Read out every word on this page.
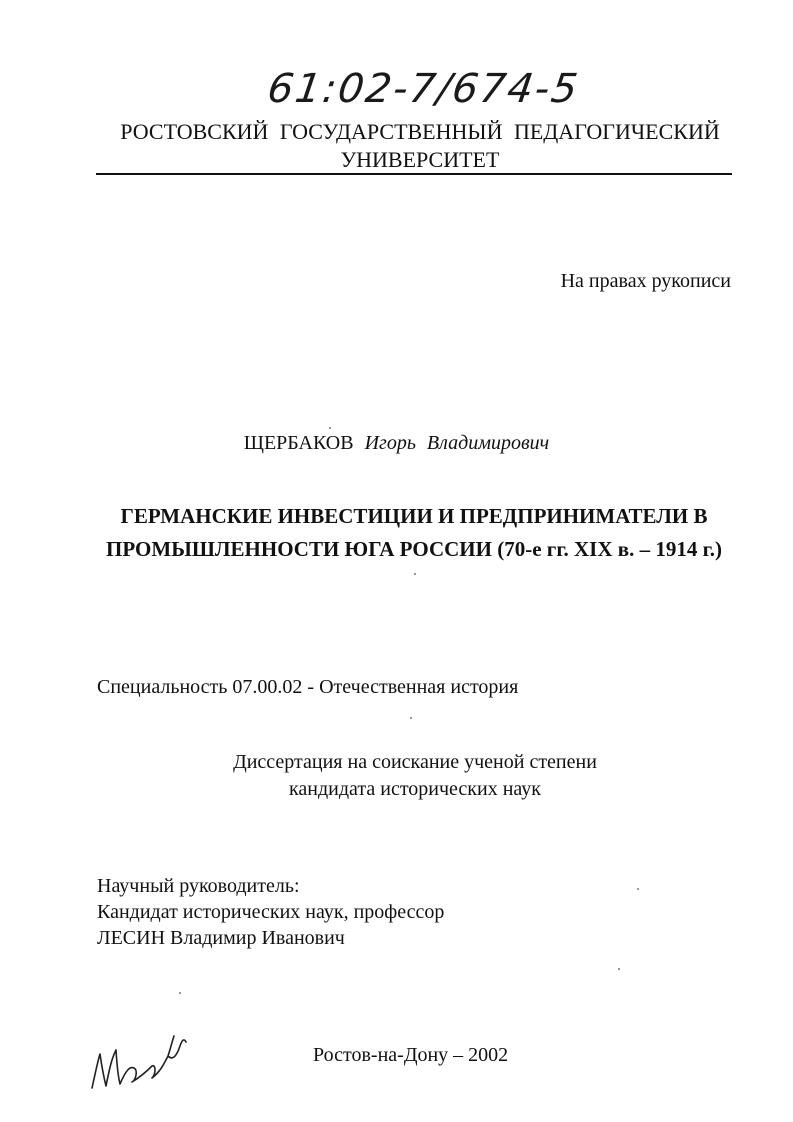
61:02-7/674-5
РОСТОВСКИЙ ГОСУДАРСТВЕННЫЙ ПЕДАГОГИЧЕСКИЙ
УНИВЕРСИТЕТ
На правах рукописи
ЩЕРБАКОВ Игорь Владимирович
ГЕРМАНСКИЕ ИНВЕСТИЦИИ И ПРЕДПРИНИМАТЕЛИ В
ПРОМЫШЛЕННОСТИ ЮГА РОССИИ (70-е гг. XIX в. – 1914 г.)
Специальность 07.00.02 - Отечественная история
Диссертация на соискание ученой степени
кандидата исторических наук
Научный руководитель:
Кандидат исторических наук, профессор
ЛЕСИН Владимир Иванович
Ростов-на-Дону – 2002
